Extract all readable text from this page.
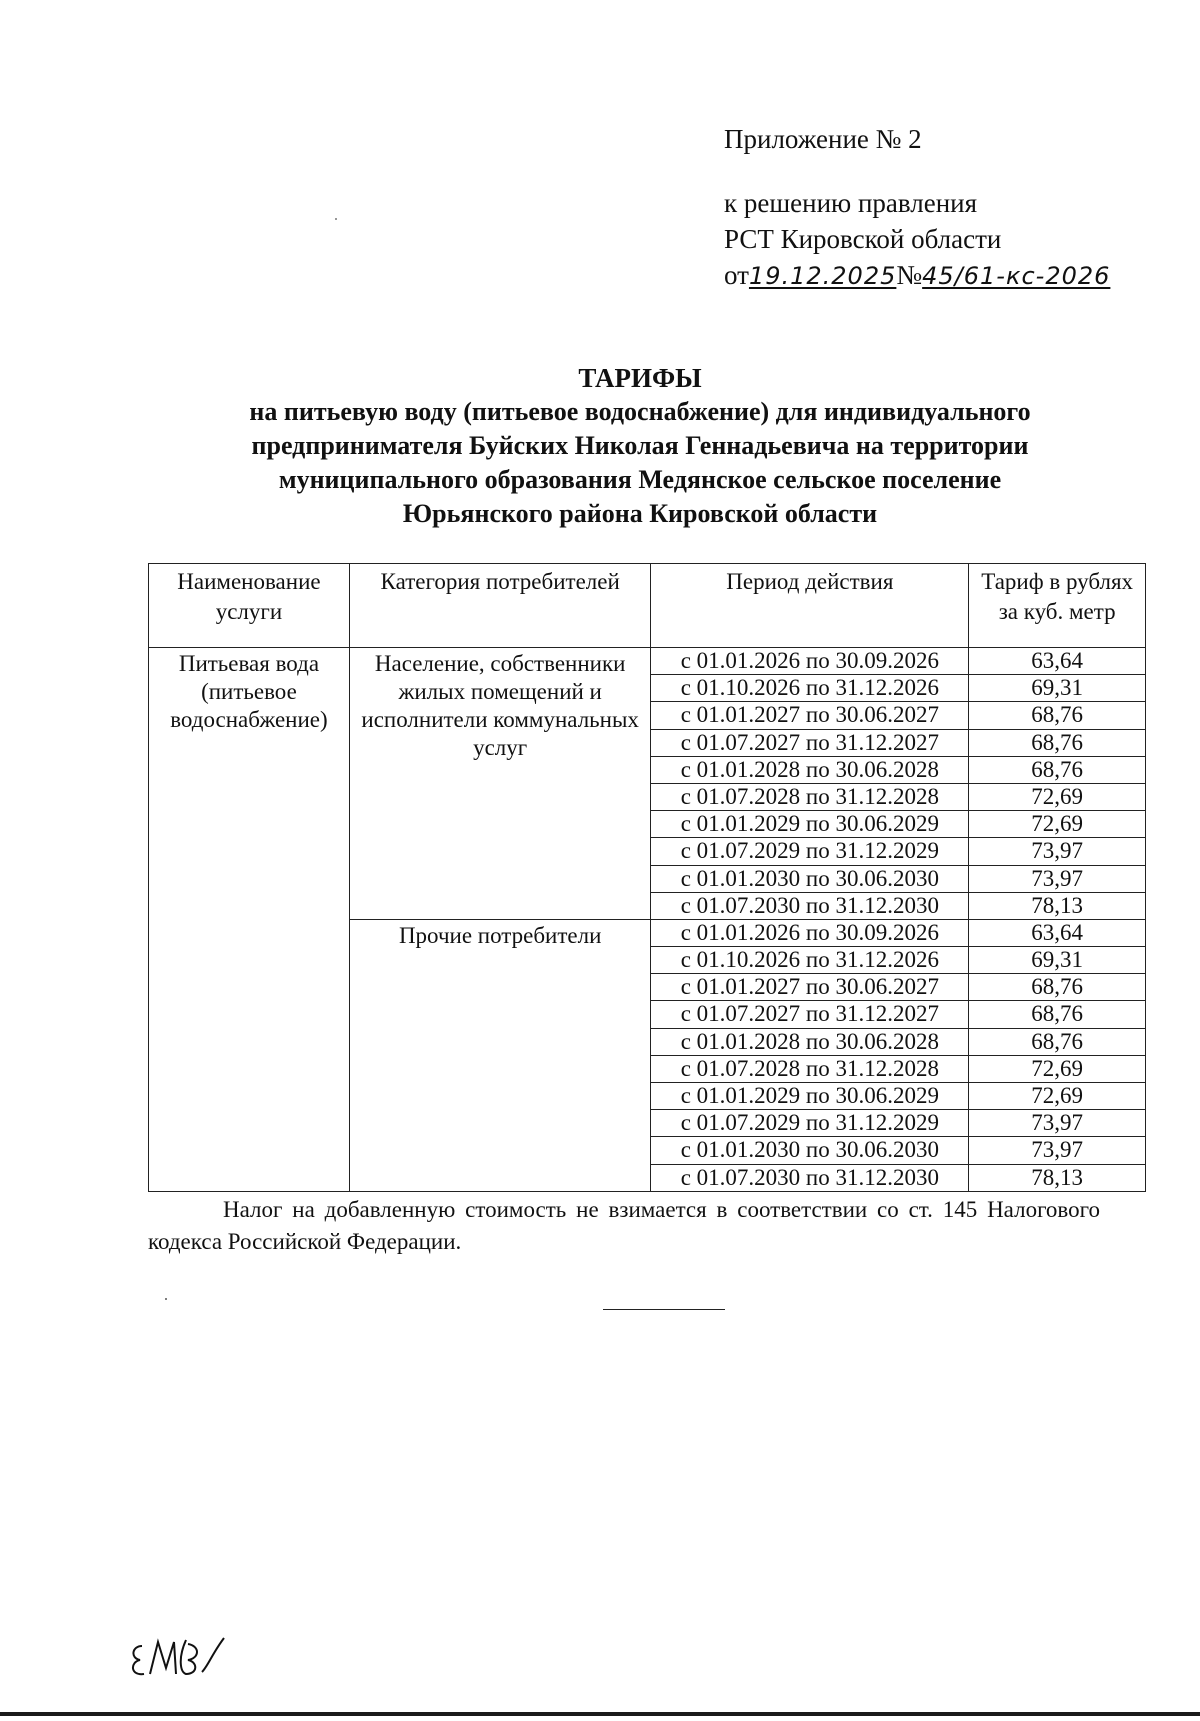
Приложение № 2
к решению правления
РСТ Кировской области
от19.12.2025№45/61-кс-2026
ТАРИФЫ
на питьевую воду (питьевое водоснабжение) для индивидуального
предпринимателя Буйских Николая Геннадьевича на территории
муниципального образования Медянское сельское поселение
Юрьянского района Кировской области
Наименование услуги	Категория потребителей	Период действия	Тариф в рублях за куб. метр
Питьевая вода (питьевое водоснабжение)	Население, собственники жилых помещений и исполнители коммунальных услуг	с 01.01.2026 по 30.09.2026	63,64
		с 01.10.2026 по 31.12.2026	69,31
		с 01.01.2027 по 30.06.2027	68,76
		с 01.07.2027 по 31.12.2027	68,76
		с 01.01.2028 по 30.06.2028	68,76
		с 01.07.2028 по 31.12.2028	72,69
		с 01.01.2029 по 30.06.2029	72,69
		с 01.07.2029 по 31.12.2029	73,97
		с 01.01.2030 по 30.06.2030	73,97
		с 01.07.2030 по 31.12.2030	78,13
	Прочие потребители	с 01.01.2026 по 30.09.2026	63,64
		с 01.10.2026 по 31.12.2026	69,31
		с 01.01.2027 по 30.06.2027	68,76
		с 01.07.2027 по 31.12.2027	68,76
		с 01.01.2028 по 30.06.2028	68,76
		с 01.07.2028 по 31.12.2028	72,69
		с 01.01.2029 по 30.06.2029	72,69
		с 01.07.2029 по 31.12.2029	73,97
		с 01.01.2030 по 30.06.2030	73,97
		с 01.07.2030 по 31.12.2030	78,13
Налог на добавленную стоимость не взимается в соответствии со ст. 145 Налогового кодекса Российской Федерации.
